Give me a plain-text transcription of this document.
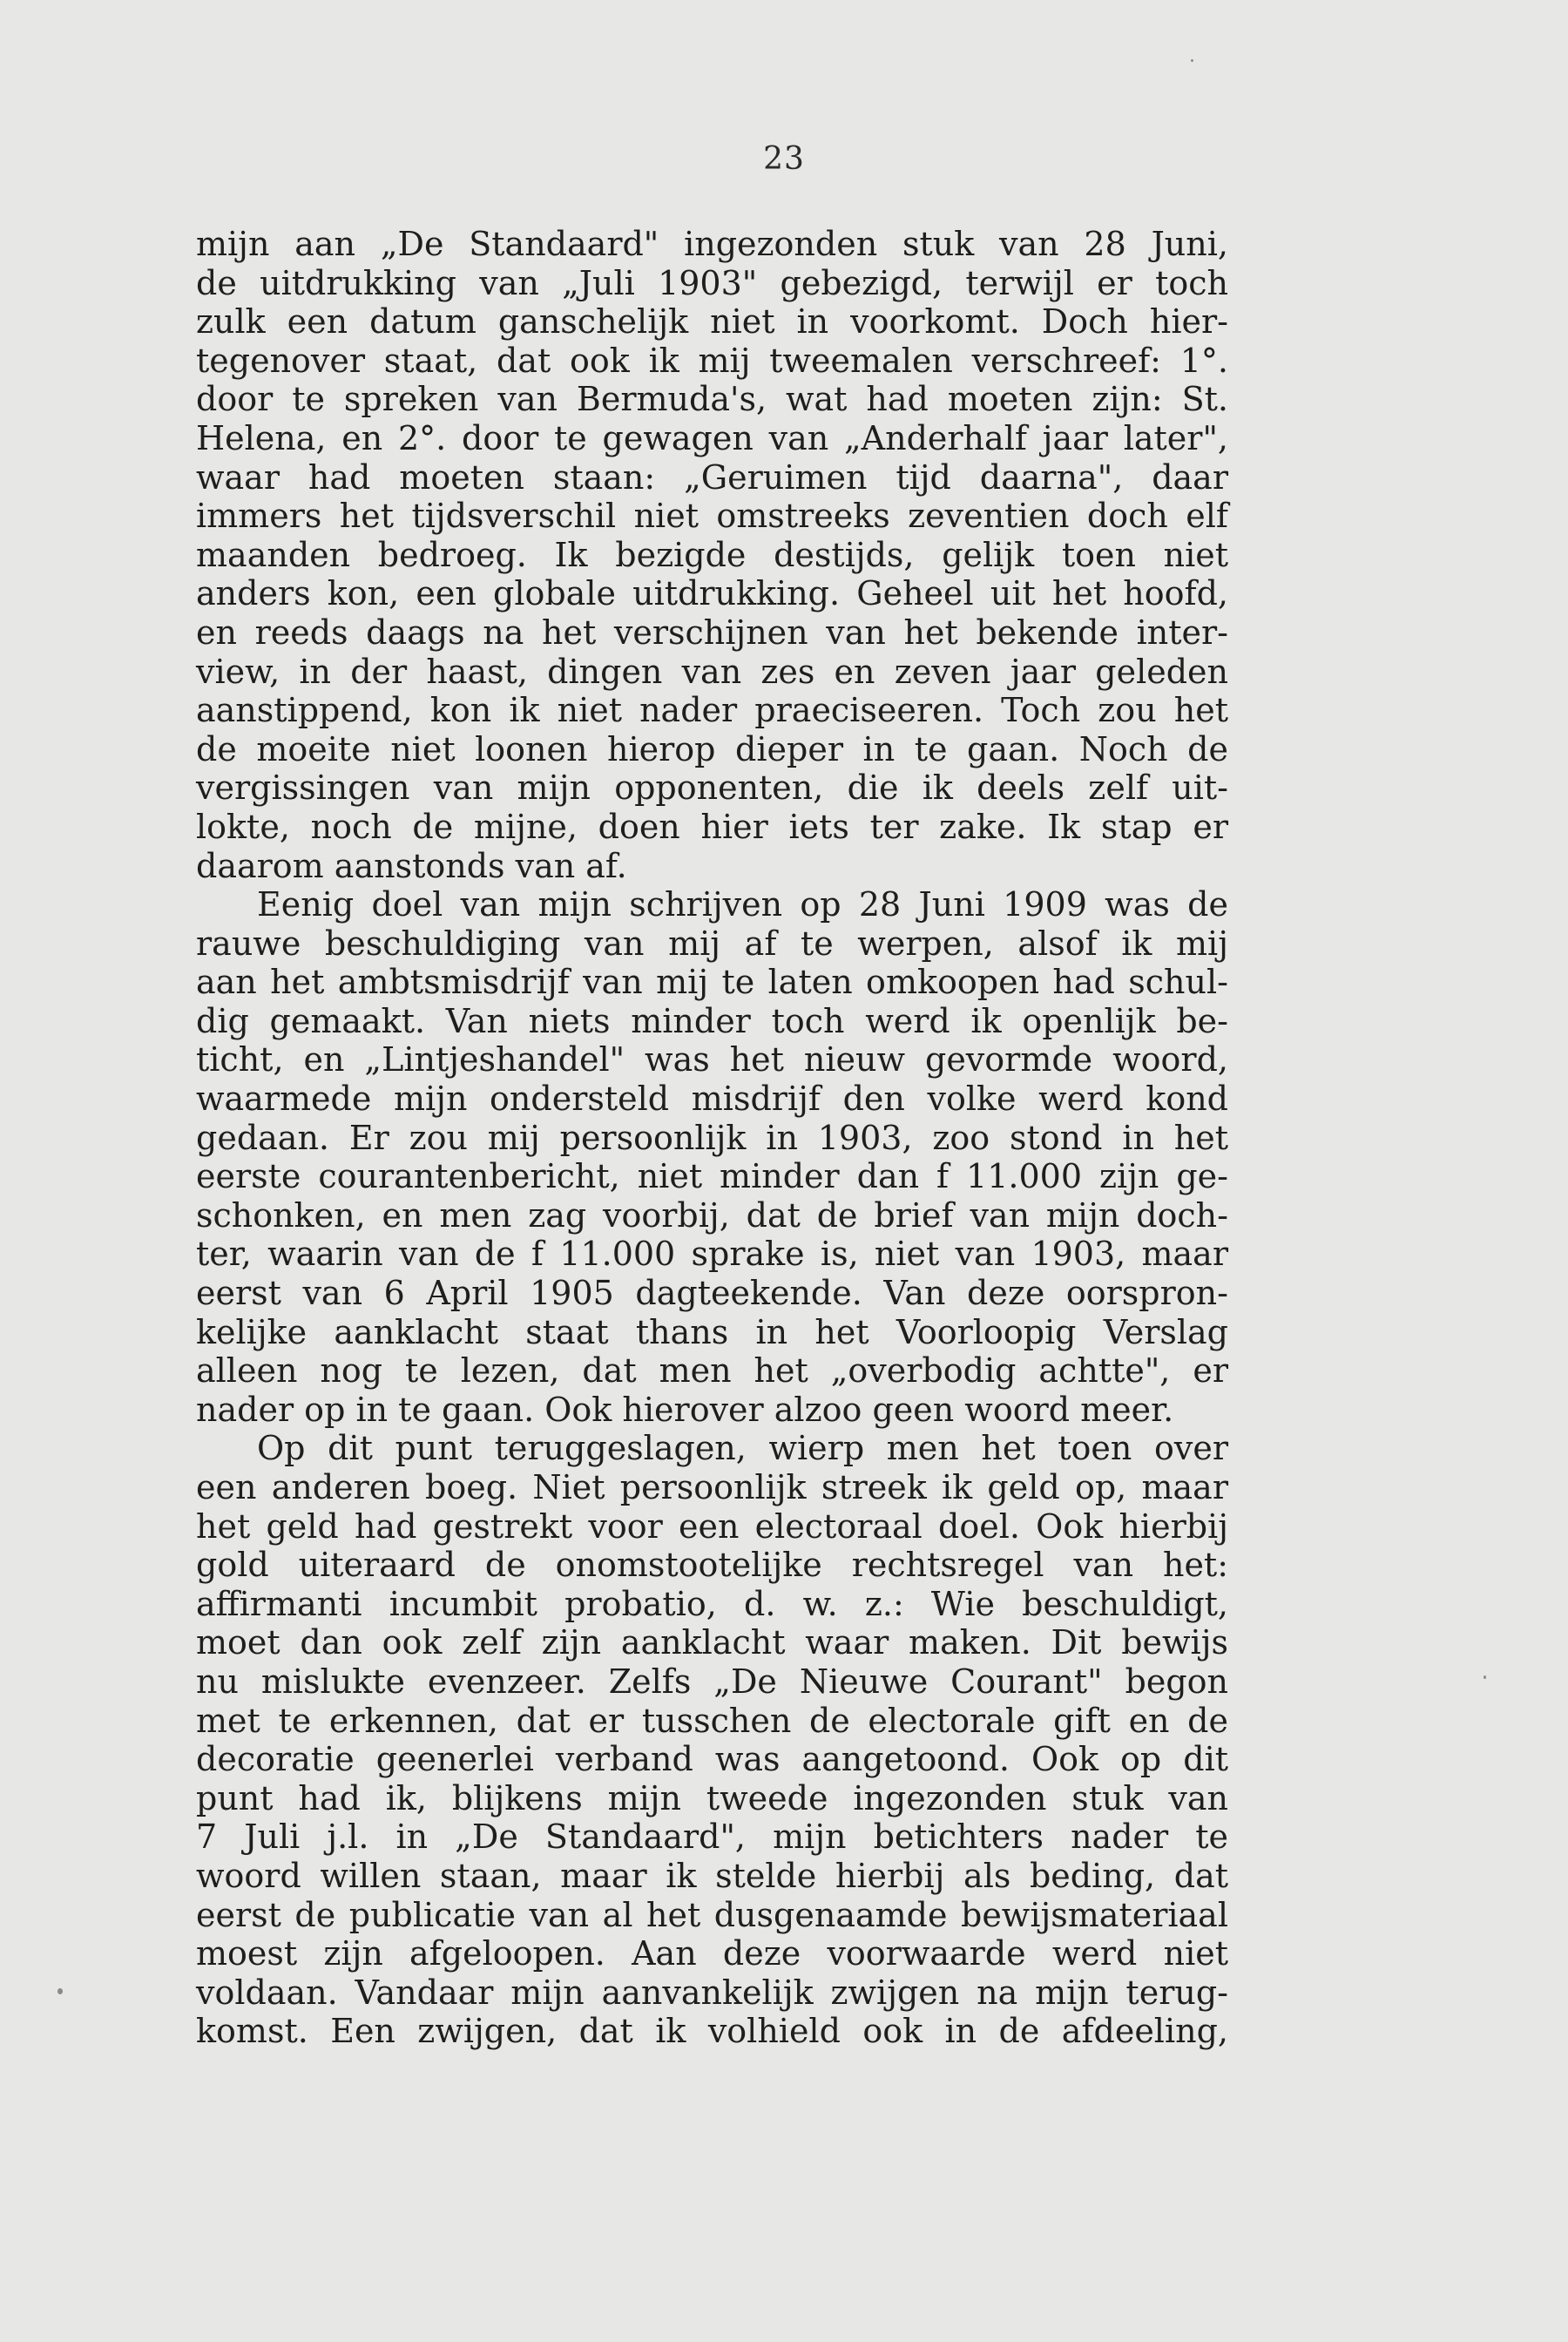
23
mijn aan „De Standaard" ingezonden stuk van 28 Juni,
de uitdrukking van „Juli 1903" gebezigd, terwijl er toch
zulk een datum ganschelijk niet in voorkomt. Doch hier-
tegenover staat, dat ook ik mij tweemalen verschreef: 1°.
door te spreken van Bermuda's, wat had moeten zijn: St.
Helena, en 2°. door te gewagen van „Anderhalf jaar later",
waar had moeten staan: „Geruimen tijd daarna", daar
immers het tijdsverschil niet omstreeks zeventien doch elf
maanden bedroeg. Ik bezigde destijds, gelijk toen niet
anders kon, een globale uitdrukking. Geheel uit het hoofd,
en reeds daags na het verschijnen van het bekende inter-
view, in der haast, dingen van zes en zeven jaar geleden
aanstippend, kon ik niet nader praeciseeren. Toch zou het
de moeite niet loonen hierop dieper in te gaan. Noch de
vergissingen van mijn opponenten, die ik deels zelf uit-
lokte, noch de mijne, doen hier iets ter zake. Ik stap er
daarom aanstonds van af.
Eenig doel van mijn schrijven op 28 Juni 1909 was de
rauwe beschuldiging van mij af te werpen, alsof ik mij
aan het ambtsmisdrijf van mij te laten omkoopen had schul-
dig gemaakt. Van niets minder toch werd ik openlijk be-
ticht, en „Lintjeshandel" was het nieuw gevormde woord,
waarmede mijn ondersteld misdrijf den volke werd kond
gedaan. Er zou mij persoonlijk in 1903, zoo stond in het
eerste courantenbericht, niet minder dan f 11.000 zijn ge-
schonken, en men zag voorbij, dat de brief van mijn doch-
ter, waarin van de f 11.000 sprake is, niet van 1903, maar
eerst van 6 April 1905 dagteekende. Van deze oorspron-
kelijke aanklacht staat thans in het Voorloopig Verslag
alleen nog te lezen, dat men het „overbodig achtte", er
nader op in te gaan. Ook hierover alzoo geen woord meer.
Op dit punt teruggeslagen, wierp men het toen over
een anderen boeg. Niet persoonlijk streek ik geld op, maar
het geld had gestrekt voor een electoraal doel. Ook hierbij
gold uiteraard de onomstootelijke rechtsregel van het:
affirmanti incumbit probatio, d. w. z.: Wie beschuldigt,
moet dan ook zelf zijn aanklacht waar maken. Dit bewijs
nu mislukte evenzeer. Zelfs „De Nieuwe Courant" begon
met te erkennen, dat er tusschen de electorale gift en de
decoratie geenerlei verband was aangetoond. Ook op dit
punt had ik, blijkens mijn tweede ingezonden stuk van
7 Juli j.l. in „De Standaard", mijn betichters nader te
woord willen staan, maar ik stelde hierbij als beding, dat
eerst de publicatie van al het dusgenaamde bewijsmateriaal
moest zijn afgeloopen. Aan deze voorwaarde werd niet
voldaan. Vandaar mijn aanvankelijk zwijgen na mijn terug-
komst. Een zwijgen, dat ik volhield ook in de afdeeling,
